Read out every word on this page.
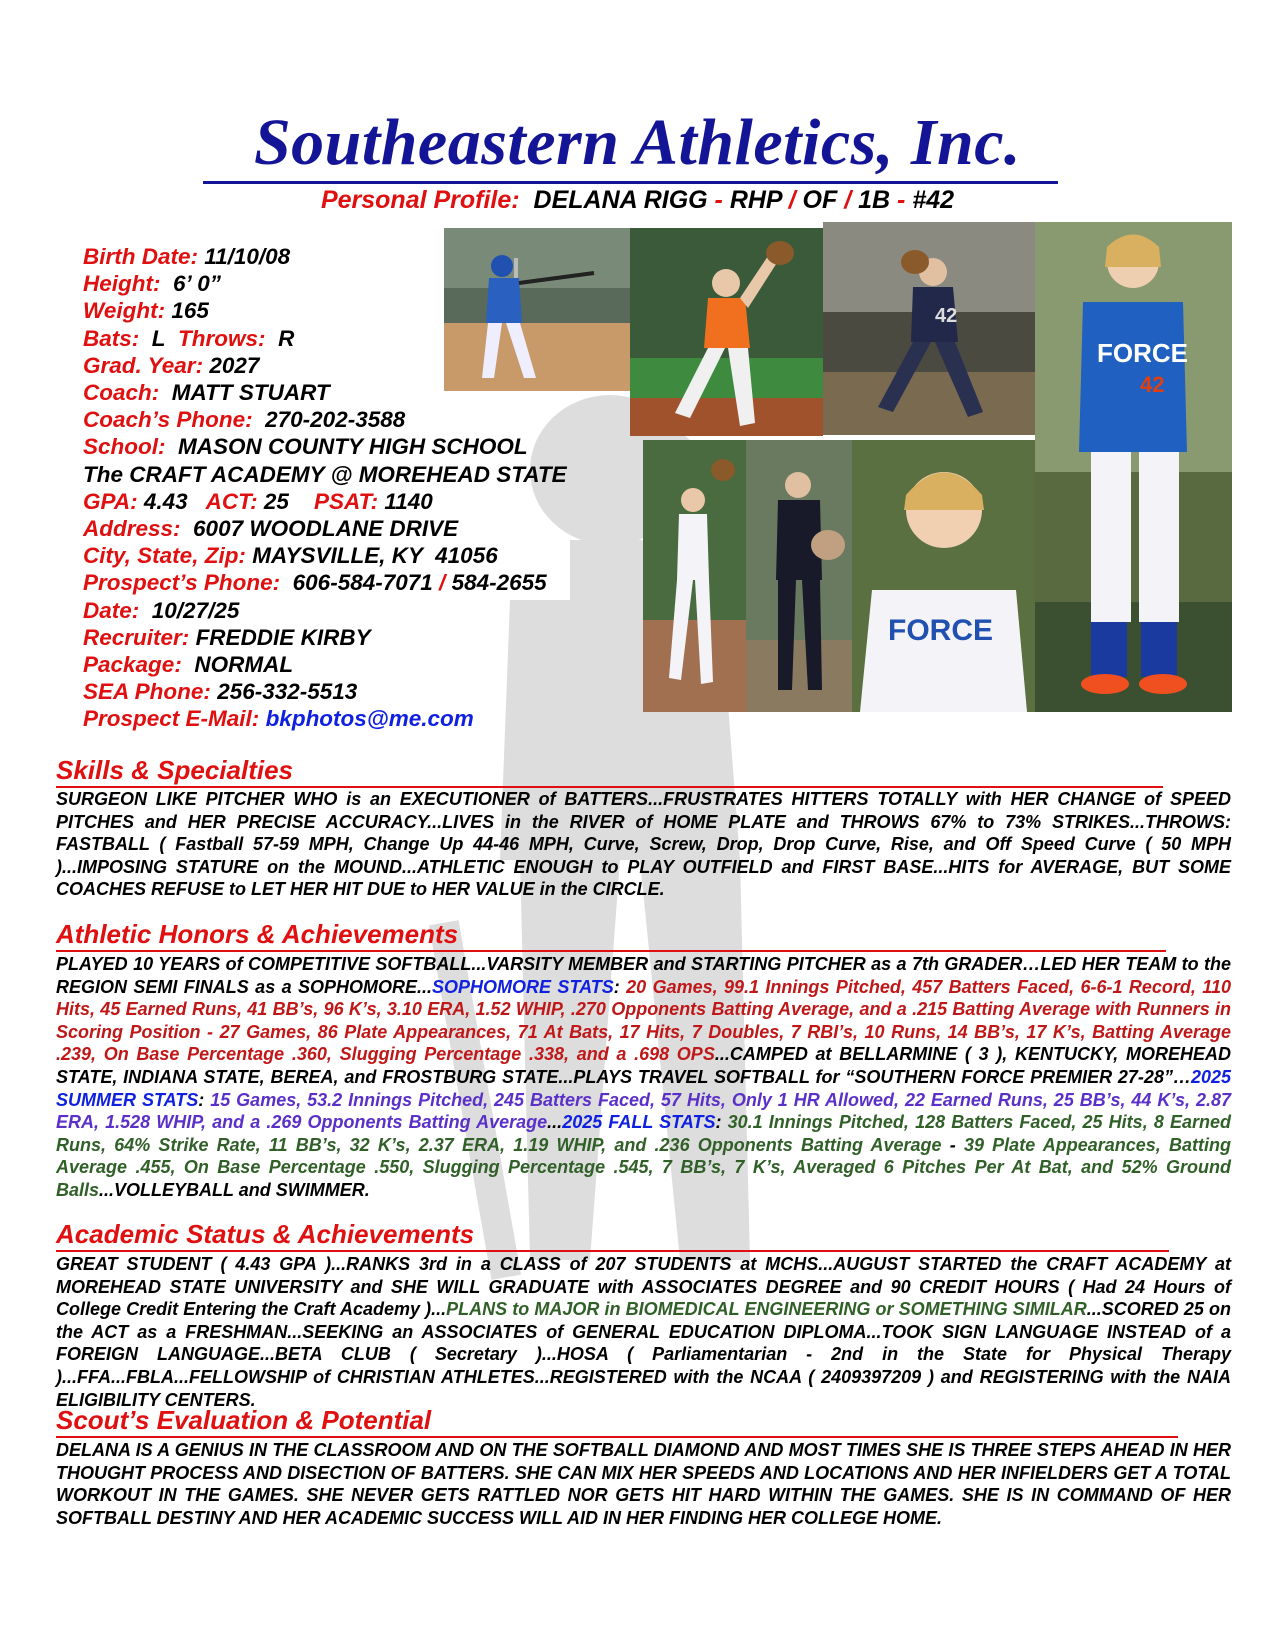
Southeastern Athletics, Inc.
Personal Profile: DELANA RIGG - RHP / OF / 1B - #42
Birth Date: 11/10/08
Height: 6’ 0”
Weight: 165
Bats: L Throws: R
Grad. Year: 2027
Coach: MATT STUART
Coach’s Phone: 270-202-3588
School: MASON COUNTY HIGH SCHOOL
The CRAFT ACADEMY @ MOREHEAD STATE
GPA: 4.43 ACT: 25 PSAT: 1140
Address: 6007 WOODLANE DRIVE
City, State, Zip: MAYSVILLE, KY  41056
Prospect’s Phone: 606-584-7071 / 584-2655
Date: 10/27/25
Recruiter: FREDDIE KIRBY
Package: NORMAL
SEA Phone: 256-332-5513
Prospect E-Mail: bkphotos@me.com
42
FORCE
42
FORCE
Skills & Specialties
SURGEON LIKE PITCHER WHO is an EXECUTIONER of BATTERS...FRUSTRATES HITTERS TOTALLY with HER CHANGE of SPEED PITCHES and HER PRECISE ACCURACY...LIVES in the RIVER of HOME PLATE and THROWS 67% to 73% STRIKES...THROWS: FASTBALL ( Fastball 57-59 MPH, Change Up 44-46 MPH, Curve, Screw, Drop, Drop Curve, Rise, and Off Speed Curve ( 50 MPH )...IMPOSING STATURE on the MOUND...ATHLETIC ENOUGH to PLAY OUTFIELD and FIRST BASE...HITS for AVERAGE, BUT SOME COACHES REFUSE to LET HER HIT DUE to HER VALUE in the CIRCLE.
Athletic Honors & Achievements
PLAYED 10 YEARS of COMPETITIVE SOFTBALL...VARSITY MEMBER and STARTING PITCHER as a 7th GRADER…LED HER TEAM to the REGION SEMI FINALS as a SOPHOMORE...SOPHOMORE STATS: 20 Games, 99.1 Innings Pitched, 457 Batters Faced, 6-6-1 Record, 110 Hits, 45 Earned Runs, 41 BB’s, 96 K’s, 3.10 ERA, 1.52 WHIP, .270 Opponents Batting Average, and a .215 Batting Average with Runners in Scoring Position - 27 Games, 86 Plate Appearances, 71 At Bats, 17 Hits, 7 Doubles, 7 RBI’s, 10 Runs, 14 BB’s, 17 K’s, Batting Average .239, On Base Percentage .360, Slugging Percentage .338, and a .698 OPS...CAMPED at BELLARMINE ( 3 ), KENTUCKY, MOREHEAD STATE, INDIANA STATE, BEREA, and FROSTBURG STATE...PLAYS TRAVEL SOFTBALL for “SOUTHERN FORCE PREMIER 27-28”…2025 SUMMER STATS: 15 Games, 53.2 Innings Pitched, 245 Batters Faced, 57 Hits, Only 1 HR Allowed, 22 Earned Runs, 25 BB’s, 44 K’s, 2.87 ERA, 1.528 WHIP, and a .269 Opponents Batting Average...2025 FALL STATS: 30.1 Innings Pitched, 128 Batters Faced, 25 Hits, 8 Earned Runs, 64% Strike Rate, 11 BB’s, 32 K’s, 2.37 ERA, 1.19 WHIP, and .236 Opponents Batting Average - 39 Plate Appearances, Batting Average .455, On Base Percentage .550, Slugging Percentage .545, 7 BB’s, 7 K’s, Averaged 6 Pitches Per At Bat, and 52% Ground Balls...VOLLEYBALL and SWIMMER.
Academic Status & Achievements
GREAT STUDENT ( 4.43 GPA )...RANKS 3rd in a CLASS of 207 STUDENTS at MCHS...AUGUST STARTED the CRAFT ACADEMY at MOREHEAD STATE UNIVERSITY and SHE WILL GRADUATE with ASSOCIATES DEGREE and 90 CREDIT HOURS ( Had 24 Hours of College Credit Entering the Craft Academy )...PLANS to MAJOR in BIOMEDICAL ENGINEERING or SOMETHING SIMILAR...SCORED 25 on the ACT as a FRESHMAN...SEEKING an ASSOCIATES of GENERAL EDUCATION DIPLOMA...TOOK SIGN LANGUAGE INSTEAD of a FOREIGN LANGUAGE...BETA CLUB ( Secretary )...HOSA ( Parliamentarian - 2nd in the State for Physical Therapy )...FFA...FBLA...FELLOWSHIP of CHRISTIAN ATHLETES...REGISTERED with the NCAA ( 2409397209 ) and REGISTERING with the NAIA ELIGIBILITY CENTERS.
Scout’s Evaluation & Potential
DELANA IS A GENIUS IN THE CLASSROOM AND ON THE SOFTBALL DIAMOND AND MOST TIMES SHE IS THREE STEPS AHEAD IN HER THOUGHT PROCESS AND DISECTION OF BATTERS. SHE CAN MIX HER SPEEDS AND LOCATIONS AND HER INFIELDERS GET A TOTAL WORKOUT IN THE GAMES. SHE NEVER GETS RATTLED NOR GETS HIT HARD WITHIN THE GAMES. SHE IS IN COMMAND OF HER SOFTBALL DESTINY AND HER ACADEMIC SUCCESS WILL AID IN HER FINDING HER COLLEGE HOME.
